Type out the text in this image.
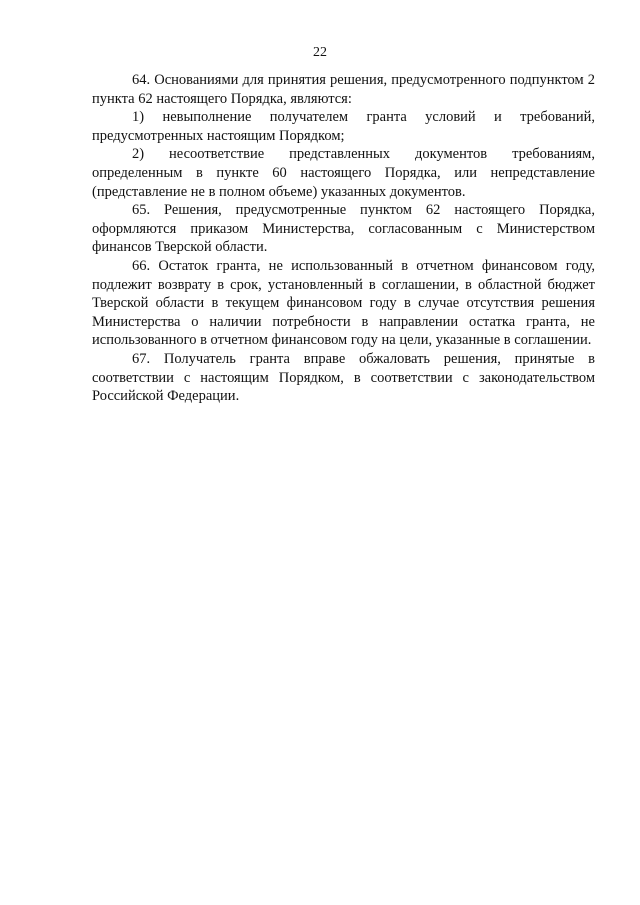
22

64. Основаниями для принятия решения, предусмотренного подпунктом 2 пункта 62 настоящего Порядка, являются:

1) невыполнение получателем гранта условий и требований, предусмотренных настоящим Порядком;

2) несоответствие представленных документов требованиям, определенным в пункте 60 настоящего Порядка, или непредставление (представление не в полном объеме) указанных документов.

65. Решения, предусмотренные пунктом 62 настоящего Порядка, оформляются приказом Министерства, согласованным с Министерством финансов Тверской области.

66. Остаток гранта, не использованный в отчетном финансовом году, подлежит возврату в срок, установленный в соглашении, в областной бюджет Тверской области в текущем финансовом году в случае отсутствия решения Министерства о наличии потребности в направлении остатка гранта, не использованного в отчетном финансовом году на цели, указанные в соглашении.

67. Получатель гранта вправе обжаловать решения, принятые в соответствии с настоящим Порядком, в соответствии с законодательством Российской Федерации.
